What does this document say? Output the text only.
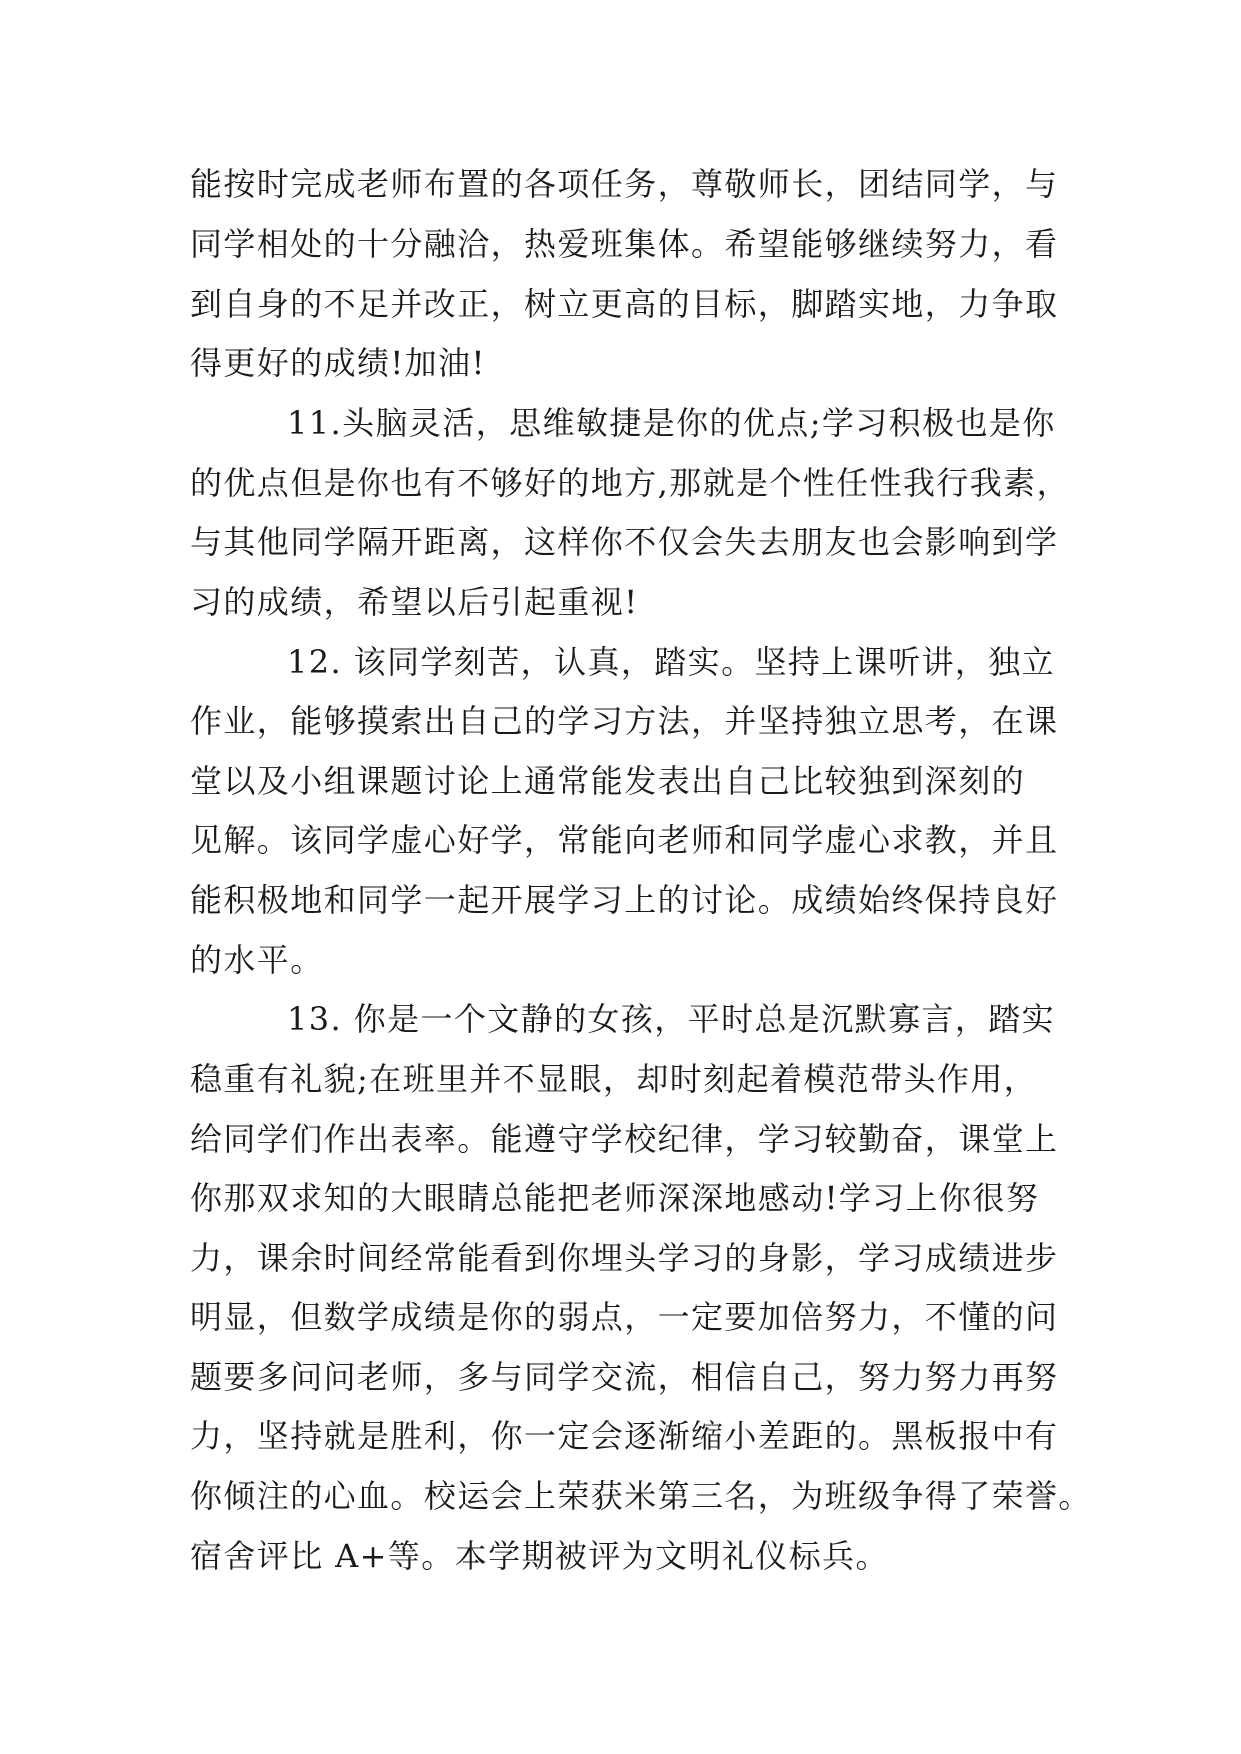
能按时完成老师布置的各项任务，尊敬师长，团结同学，与
同学相处的十分融洽，热爱班集体。希望能够继续努力，看
到自身的不足并改正，树立更高的目标，脚踏实地，力争取
得更好的成绩!加油!
11.头脑灵活，思维敏捷是你的优点;学习积极也是你
的优点但是你也有不够好的地方,那就是个性任性我行我素，
与其他同学隔开距离，这样你不仅会失去朋友也会影响到学
习的成绩，希望以后引起重视!
12. 该同学刻苦，认真，踏实。坚持上课听讲，独立
作业，能够摸索出自己的学习方法，并坚持独立思考，在课
堂以及小组课题讨论上通常能发表出自己比较独到深刻的
见解。该同学虚心好学，常能向老师和同学虚心求教，并且
能积极地和同学一起开展学习上的讨论。成绩始终保持良好
的水平。
13. 你是一个文静的女孩，平时总是沉默寡言，踏实
稳重有礼貌;在班里并不显眼，却时刻起着模范带头作用，
给同学们作出表率。能遵守学校纪律，学习较勤奋，课堂上
你那双求知的大眼睛总能把老师深深地感动!学习上你很努
力，课余时间经常能看到你埋头学习的身影，学习成绩进步
明显，但数学成绩是你的弱点，一定要加倍努力，不懂的问
题要多问问老师，多与同学交流，相信自己，努力努力再努
力，坚持就是胜利，你一定会逐渐缩小差距的。黑板报中有
你倾注的心血。校运会上荣获米第三名，为班级争得了荣誉。
宿舍评比 A+等。本学期被评为文明礼仪标兵。
